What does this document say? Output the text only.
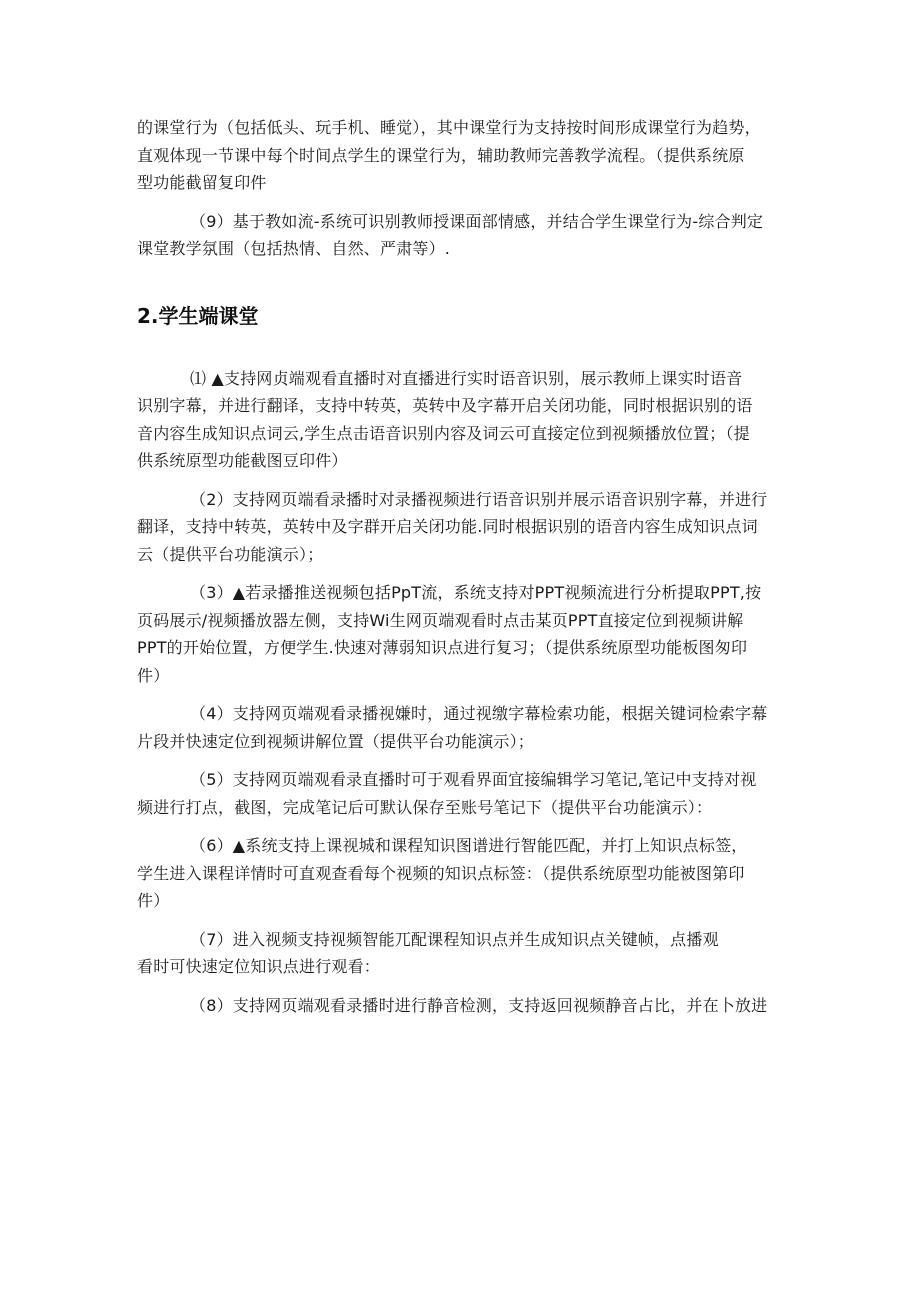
的课堂行为（包括低头、玩手机、睡觉），其中课堂行为支持按时间形成课堂行为趋势，
直观体现一节课中每个时间点学生的课堂行为，辅助教师完善教学流程。（提供系统原
型功能截留复印件

（9）基于教如流-系统可识别教师授课面部情感，并结合学生课堂行为-综合判定
课堂教学氛围（包括热情、自然、严肃等）.

2.学生端课堂

⑴ ▲支持网贞端观看直播时对直播进行实时语音识别，展示教师上课实时语音
识别字幕，并进行翻译，支持中转英，英转中及字幕开启关闭功能，同时根据识别的语
音内容生成知识点词云,学生点击语音识别内容及词云可直接定位到视频播放位置；（提
供系统原型功能截图豆印件）

（2）支持网页端看录播时对录播视频进行语音识别并展示语音识别字幕，并进行
翻译，支持中转英，英转中及字群开启关闭功能.同时根据识别的语音内容生成知识点词
云（提供平台功能演示）；

（3）▲若录播推送视频包括PpT流，系统支持对PPT视频流进行分析提取PPT,按
页码展示/视频播放器左侧，支持Wi生网页端观看时点击某页PPT直接定位到视频讲解
PPT的开始位置，方便学生.快速对薄弱知识点进行复习；（提供系统原型功能板图匆印
件）

（4）支持网页端观看录播视嫌时，通过视缴字幕检索功能，根据关键词检索字幕
片段并快速定位到视频讲解位置（提供平台功能演示）；

（5）支持网页端观看录直播时可于观看界面宜接编辑学习笔记,笔记中支持对视
频进行打点，截图，完成笔记后可默认保存至账号笔记下（提供平台功能演示）：

（6）▲系统支持上课视城和课程知识图谱进行智能匹配，并打上知识点标签，
学生进入课程详情时可直观查看每个视频的知识点标签：（提供系统原型功能被图第印
件）

（7）进入视频支持视频智能兀配课程知识点并生成知识点关键帧，点播观
看时可快速定位知识点进行观看：

（8）支持网页端观看录播时进行静音检测，支持返回视频静音占比，并在卜放进
